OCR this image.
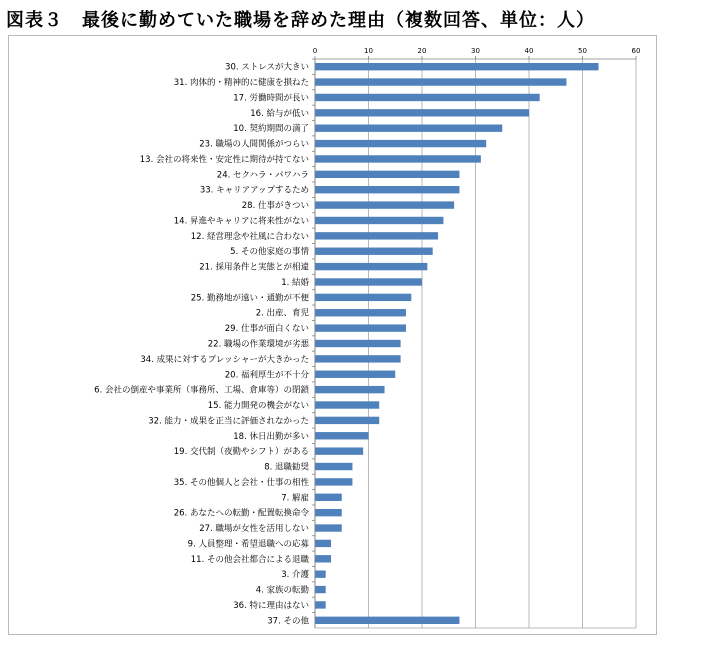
図表３　最後に勤めていた職場を辞めた理由（複数回答、単位：人）
0	10	20	30	40	50	60
30. ストレスが大きい
31. 肉体的・精神的に健康を損ねた
17. 労働時間が長い
16. 給与が低い
10. 契約期間の満了
23. 職場の人間関係がつらい
13. 会社の将来性・安定性に期待が持てない
24. セクハラ・パワハラ
33. キャリアアップするため
28. 仕事がきつい
14. 昇進やキャリアに将来性がない
12. 経営理念や社風に合わない
5. その他家庭の事情
21. 採用条件と実態とが相違
1. 結婚
25. 勤務地が遠い・通勤が不便
2. 出産、育児
29. 仕事が面白くない
22. 職場の作業環境が劣悪
34. 成果に対するプレッシャーが大きかった
20. 福利厚生が不十分
6. 会社の倒産や事業所（事務所、工場、倉庫等）の閉鎖
15. 能力開発の機会がない
32. 能力・成果を正当に評価されなかった
18. 休日出勤が多い
19. 交代制（夜勤やシフト）がある
8. 退職勧奨
35. その他個人と会社・仕事の相性
7. 解雇
26. あなたへの転勤・配置転換命令
27. 職場が女性を活用しない
9. 人員整理・希望退職への応募
11. その他会社都合による退職
3. 介護
4. 家族の転勤
36. 特に理由はない
37. その他
